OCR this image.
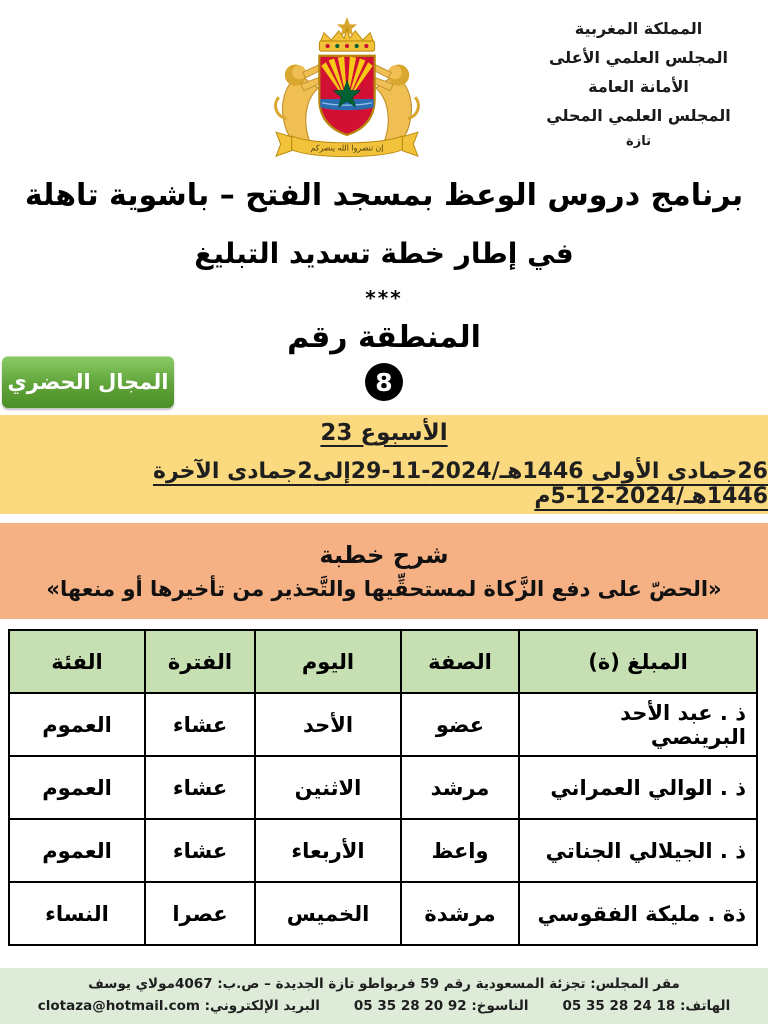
المملكة المغربية
المجلس العلمي الأعلى
الأمانة العامة
المجلس العلمي المحلي
تازة
إن تنصروا الله ينصركم
برنامج دروس الوعظ بمسجد الفتح – باشوية تاهلة
في إطار خطة تسديد التبليغ
***
المنطقة رقم
8
المجال الحضري
الأسبوع 23
26جمادى الأولى 1446هـ/2024-11-29إلى2جمادى الآخرة 1446هـ/2024-12-5م
شرح خطبة
«الحضّ على دفع الزَّكاة لمستحقِّيها والتَّحذير من تأخيرها أو منعها»
المبلغ (ة)	الصفة	اليوم	الفترة	الفئة
ذ . عبد الأحد البرينصي	عضو	الأحد	عشاء	العموم
ذ . الوالي العمراني	مرشد	الاثنين	عشاء	العموم
ذ . الجيلالي الجناتي	واعظ	الأربعاء	عشاء	العموم
ذة . مليكة الفقوسي	مرشدة	الخميس	عصرا	النساء
مقر المجلس: تجزئة المسعودية رقم 59 فربواطو تازة الجديدة – ص.ب: 4067مولاي يوسف
الهاتف: 18 24 28 35 05
الناسوخ: 92 20 28 35 05
البريد الإلكتروني: clotaza@hotmail.com
